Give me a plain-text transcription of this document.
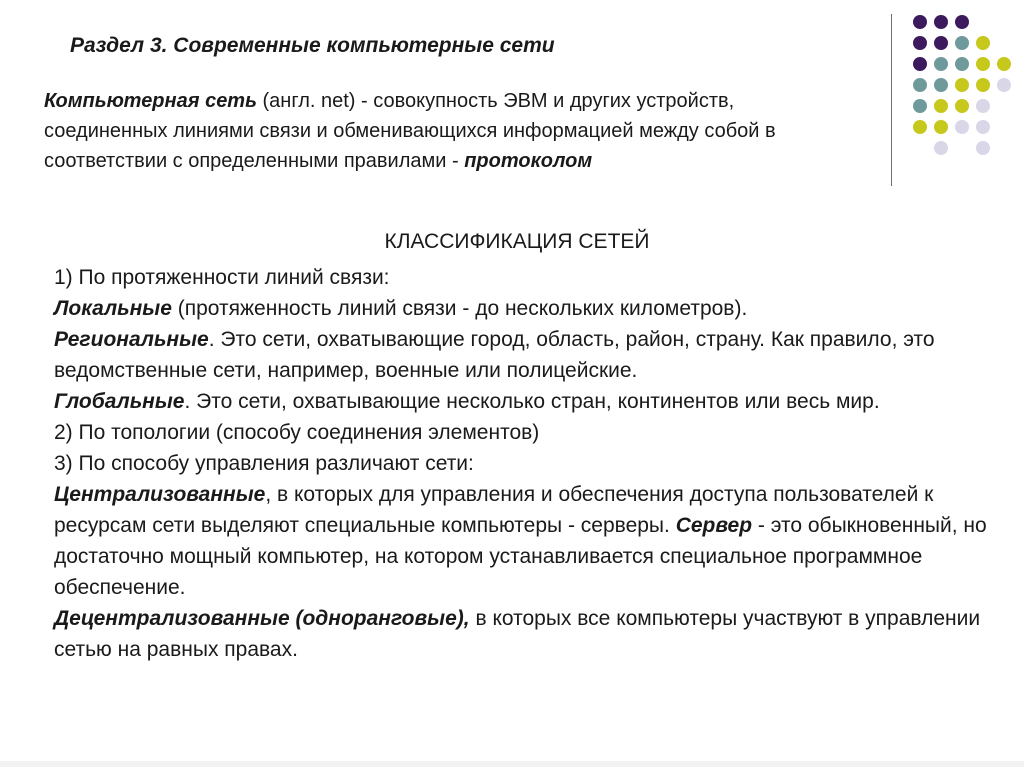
Раздел 3. Современные компьютерные сети
Компьютерная сеть (англ. net) - совокупность ЭВМ и других устройств, соединенных линиями связи и обменивающихся информацией между собой в соответствии с определенными правилами - протоколом
КЛАССИФИКАЦИЯ СЕТЕЙ

1) По протяженности линий связи:

Локальные (протяженность линий связи - до нескольких километров).

Региональные. Это сети, охватывающие город, область, район, страну. Как правило, это ведомственные сети, например, военные или полицейские.

Глобальные. Это сети, охватывающие несколько стран, континентов или весь мир.

2) По топологии (способу соединения элементов)

3) По способу управления различают сети:

Централизованные, в которых для управления и обеспечения доступа пользователей к ресурсам сети выделяют специальные компьютеры - серверы. Сервер - это обыкновенный, но достаточно мощный компьютер, на котором устанавливается специальное программное обеспечение.

Децентрализованные (одноранговые), в которых все компьютеры участвуют в управлении сетью на равных правах.
